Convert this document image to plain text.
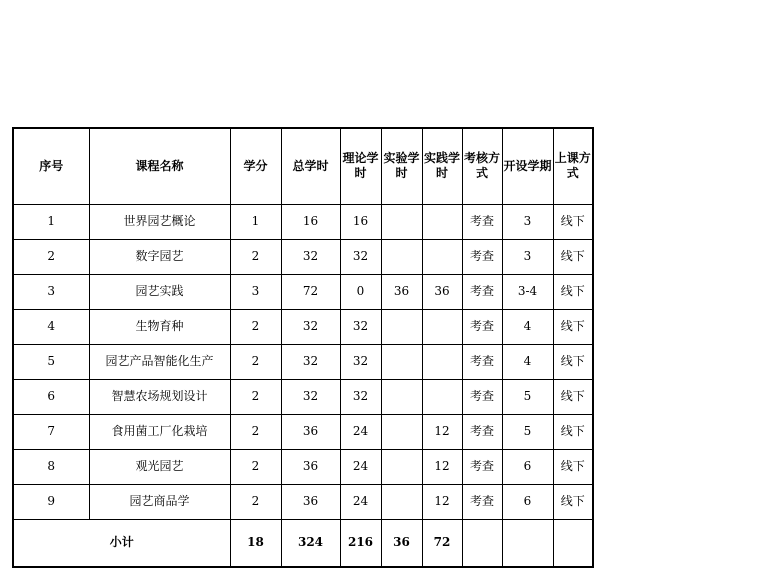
序号	课程名称	学分	总学时	理论学时	实验学时	实践学时	考核方式	开设学期	上课方式
1	世界园艺概论	1	16	16			考查	3	线下
2	数字园艺	2	32	32			考查	3	线下
3	园艺实践	3	72	0	36	36	考查	3-4	线下
4	生物育种	2	32	32			考查	4	线下
5	园艺产品智能化生产	2	32	32			考查	4	线下
6	智慧农场规划设计	2	32	32			考查	5	线下
7	食用菌工厂化栽培	2	36	24		12	考查	5	线下
8	观光园艺	2	36	24		12	考查	6	线下
9	园艺商品学	2	36	24		12	考查	6	线下
小计		18	324	216	36	72			
